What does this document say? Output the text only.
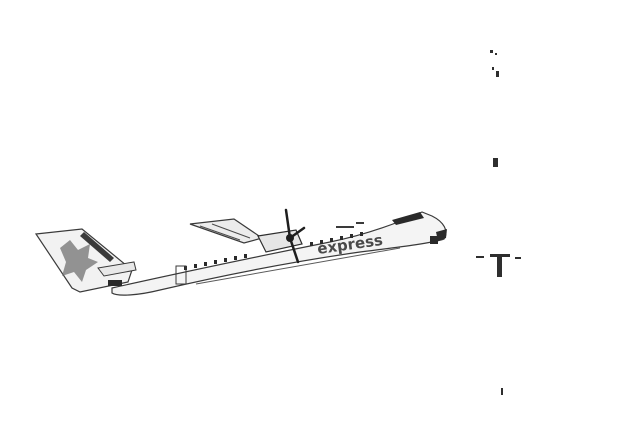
express
